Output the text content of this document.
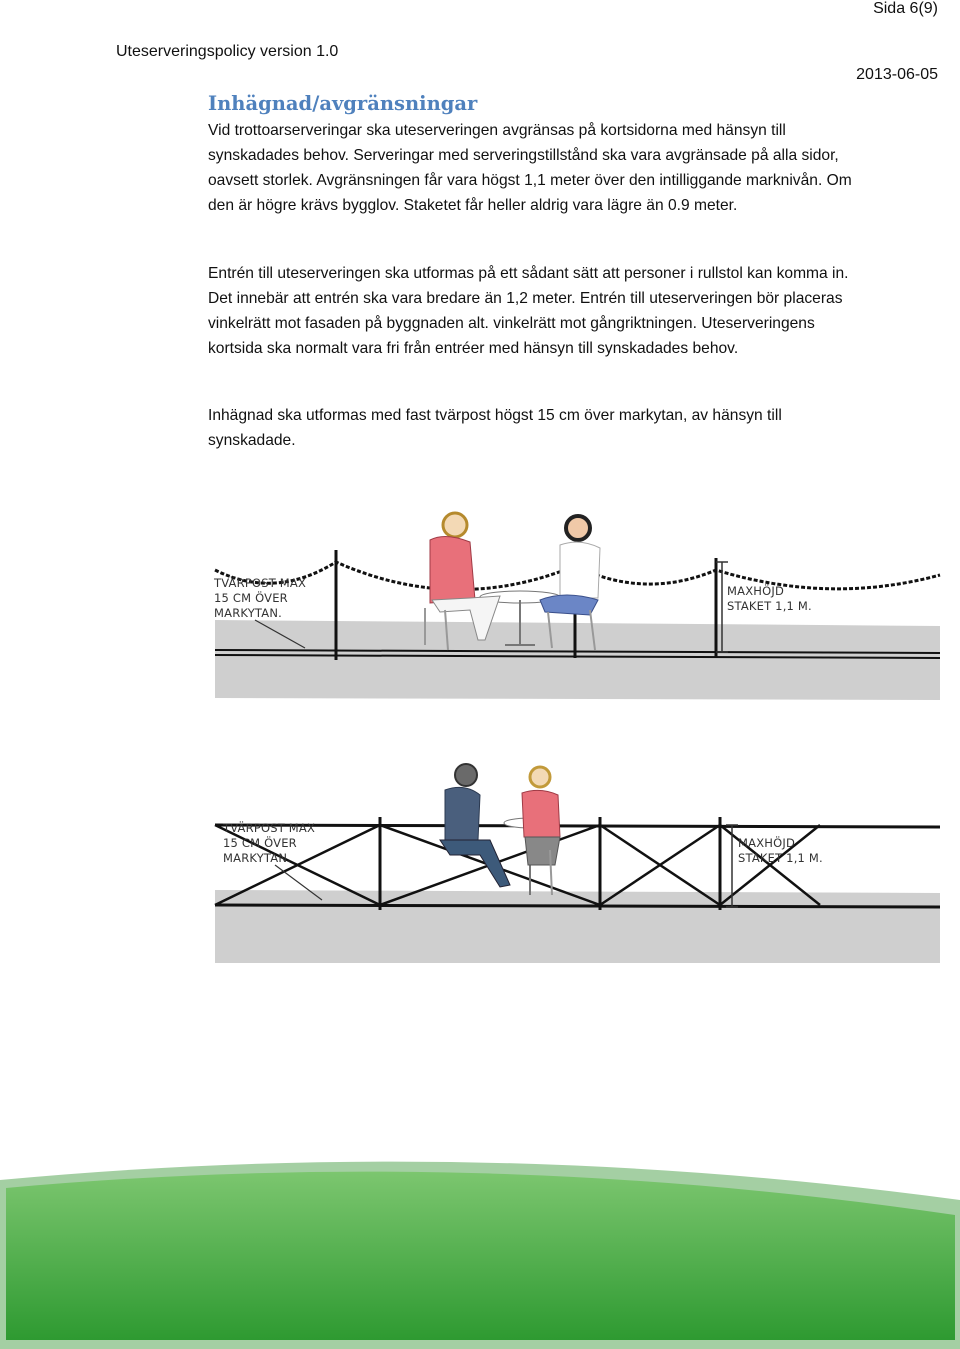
Sida 6(9)
Uteserveringspolicy version 1.0
2013-06-05
Inhägnad/avgränsningar

Vid trottoarserveringar ska uteserveringen avgränsas på kortsidorna med hänsyn till synskadades behov. Serveringar med serveringstillstånd ska vara avgränsade på alla sidor, oavsett storlek. Avgränsningen får vara högst 1,1 meter över den intilliggande marknivån. Om den är högre krävs bygglov. Staketet får heller aldrig vara lägre än 0.9 meter.

Entrén till uteserveringen ska utformas på ett sådant sätt att personer i rullstol kan komma in. Det innebär att entrén ska vara bredare än 1,2 meter. Entrén till uteserveringen bör placeras vinkelrätt mot fasaden på byggnaden alt. vinkelrätt mot gångriktningen. Uteserveringens kortsida ska normalt vara fri från entréer med hänsyn till synskadades behov.

Inhägnad ska utformas med fast tvärpost högst 15 cm över markytan, av hänsyn till synskadade.

TVÄRPOST MAX
15 CM ÖVER
MARKYTAN.
MAXHÖJD
STAKET 1,1 M.
TVÄRPOST MAX
15 CM ÖVER
MARKYTAN.
MAXHÖJD
STAKET 1,1 M.
